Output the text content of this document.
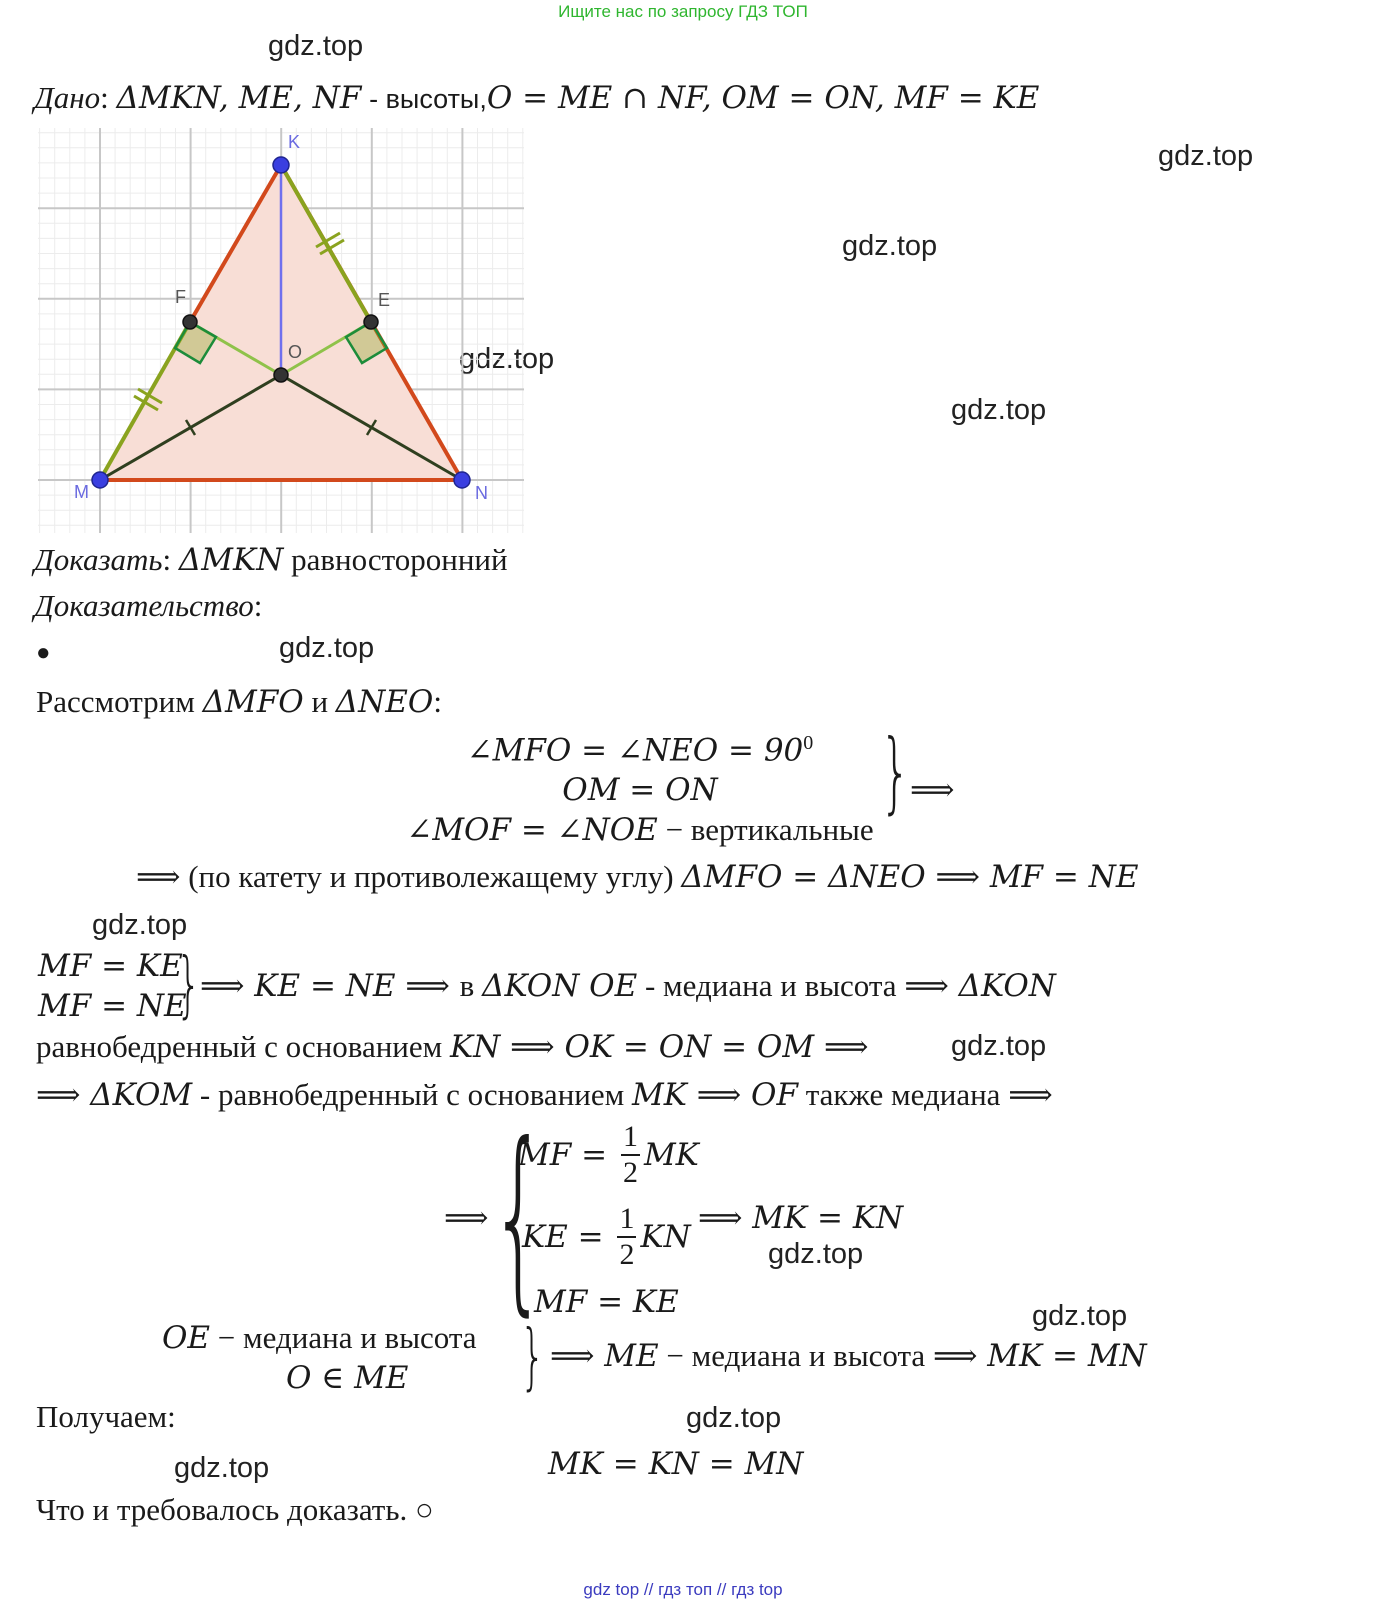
Ищите нас по запросу ГДЗ ТОП
gdz.top
gdz.top
gdz.top
gdz.top
gdz.top
gdz.top
gdz.top
gdz.top
gdz.top
gdz.top
gdz.top
gdz.top
Дано: ΔMKN, ME, NF - высоты,O = ME ∩ NF, OM = ON, MF = KE
K
F	E
O
M	N
Доказать: ΔMKN равносторонний
Доказательство:
●
Рассмотрим ΔMFO и ΔNEO:
∠MFO = ∠NEO = $90^0$
OM = ON
∠MOF = ∠NOE − вертикальные
} ⟹
⟹ (по катету и противолежащему углу) ΔMFO = ΔNEO ⟹ MF = NE
MF = KE
MF = NE
}
⟹ KE = NE ⟹ в ΔKON OE - медиана и высота ⟹ ΔKON
равнобедренный с основанием KN ⟹ OK = ON = OM ⟹
⟹ ΔKOM - равнобедренный с основанием MK ⟹ OF также медиана ⟹
⟹ {
MF = $\frac{1}{2}$ MK
KE = $\frac{1}{2}$ KN
MF = KE
⟹ MK = KN
OE − медиана и высота
O ∈ ME } ⟹ ME − медиана и высота ⟹ MK = MN
Получаем:
MK = KN = MN
Что и требовалось доказать. ○
gdz top // гдз топ // гдз top
